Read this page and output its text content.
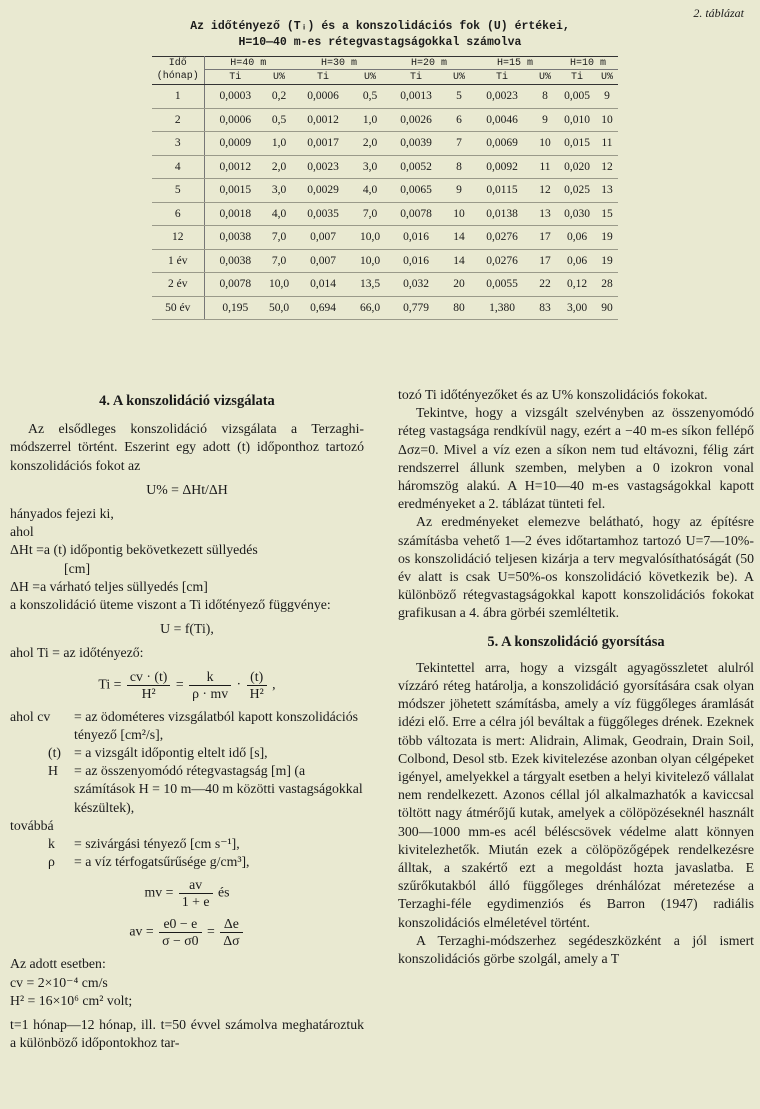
2. táblázat
Az időtényező (Tᵢ) és a konszolidációs fok (U) értékei,
H=10—40 m-es rétegvastagságokkal számolva
Idő	H=40 m		H=30 m		H=20 m		H=15 m		H=10 m	
(hónap)	Ti	U%	Ti	U%	Ti	U%	Ti	U%	Ti	U%
1	0,0003	0,2	0,0006	0,5	0,0013	5	0,0023	8	0,005	9
2	0,0006	0,5	0,0012	1,0	0,0026	6	0,0046	9	0,010	10
3	0,0009	1,0	0,0017	2,0	0,0039	7	0,0069	10	0,015	11
4	0,0012	2,0	0,0023	3,0	0,0052	8	0,0092	11	0,020	12
5	0,0015	3,0	0,0029	4,0	0,0065	9	0,0115	12	0,025	13
6	0,0018	4,0	0,0035	7,0	0,0078	10	0,0138	13	0,030	15
12	0,0038	7,0	0,007	10,0	0,016	14	0,0276	17	0,06	19
1 év	0,0038	7,0	0,007	10,0	0,016	14	0,0276	17	0,06	19
2 év	0,0078	10,0	0,014	13,5	0,032	20	0,0055	22	0,12	28
50 év	0,195	50,0	0,694	66,0	0,779	80	1,380	83	3,00	90
4. A konszolidáció vizsgálata

Az elsődleges konszolidáció vizsgálata a Terzaghi-módszerrel történt. Eszerint egy adott (t) időponthoz tartozó konszolidációs fokot az

U% = ΔHt/ΔH

hányados fejezi ki,

ahol

ΔHt =a (t) időpontig bekövetkezett süllyedés

[cm]

ΔH =a várható teljes süllyedés [cm]

a konszolidáció üteme viszont a Ti időtényező függvénye:

U = f(Ti),

ahol Ti = az időtényező:

$Ti = \frac{cv \cdot (t)}{\text{H²}} = \frac{k}{\rho \cdot mv} \cdot \frac{(t)}{\text{H²}}$ ,
ahol cv	= az ödométeres vizsgálatból kapott konszolidációs tényező [cm²/s],
(t) = a vizsgált időpontig eltelt idő [s],
H	= az összenyomódó rétegvastagság [m] (a számítások H = 10 m—40 m közötti vastagságokkal készültek),

továbbá

k	= szivárgási tényező [cm s⁻¹],
ρ	= a víz térfogatsűrűsége g/cm³],
mv = $\frac{av}{1 + e}$ és
av = $\frac{e0 - e}{\sigma - \sigma 0} = \frac{\Delta e}{\Delta\sigma}$

Az adott esetben:

cv = 2×10⁻⁴ cm/s

H² = 16×10⁶ cm² volt;

t=1 hónap—12 hónap, ill. t=50 évvel számolva meghatároztuk a különböző időpontokhoz tar-

tozó Ti időtényezőket és az U% konszolidációs fokokat.

Tekintve, hogy a vizsgált szelvényben az összenyomódó réteg vastagsága rendkívül nagy, ezért a −40 m-es síkon fellépő Δσz=0. Mivel a víz ezen a síkon nem tud eltávozni, félig zárt rendszerrel állunk szemben, melyben a 0 izokron vonal háromszög alakú. A H=10—40 m-es vastagságokkal kapott eredményeket a 2. táblázat tünteti fel.

Az eredményeket elemezve belátható, hogy az építésre számításba vehető 1—2 éves időtartamhoz tartozó U=7—10%-os konszolidáció teljesen kizárja a terv megvalósíthatóságát (50 év alatt is csak U=50%-os konszolidáció következik be). A különböző rétegvastagságokkal kapott konszolidációs fokokat grafikusan a 4. ábra görbéi szemléltetik.

5. A konszolidáció gyorsítása

Tekintettel arra, hogy a vizsgált agyagösszletet alulról vízzáró réteg határolja, a konszolidáció gyorsítására csak olyan módszer jöhetett számításba, amely a víz függőleges áramlását idézi elő. Erre a célra jól beváltak a függőleges drének. Ezeknek több változata is mert: Alidrain, Alimak, Geodrain, Drain Soil, Colbond, Desol stb. Ezek kivitelezése azonban olyan célgépeket igényel, amelyekkel a tárgyalt esetben a helyi kivitelező vállalat nem rendelkezett. Azonos céllal jól alkalmazhatók a kaviccsal töltött nagy átmérőjű kutak, amelyek a cölöpözéseknél használt 300—1000 mm-es acél béléscsövek védelme alatt könnyen kivitelezhetők. Miután ezek a cölöpözőgépek rendelkezésre álltak, a szakértő ezt a megoldást hozta javaslatba. E szűrőkutakból álló függőleges drénhálózat méretezése a Terzaghi-féle egydimenziós és Barron (1947) radiális konszolidációs elméletével történt.

A Terzaghi-módszerhez segédeszközként a jól ismert konszolidációs görbe szolgál, amely a T
